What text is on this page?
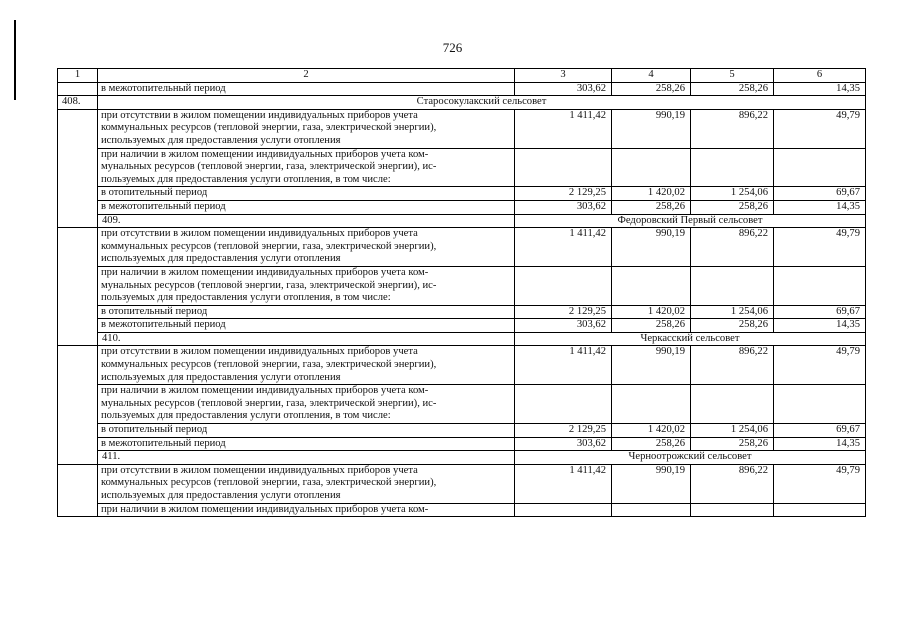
726
1	2	3	4	5	6
	в межотопительный период	303,62	258,26	258,26	14,35
408.	Старосокулакский сельсовет				

	при отсутствии в жилом помещении индивидуальных приборов учета
коммунальных ресурсов (тепловой энергии, газа, электрической энергии),
используемых для предоставления услуги отопления	1 411,42	990,19	896,22	49,79

	при наличии в жилом помещении индивидуальных приборов учета ком-
мунальных ресурсов (тепловой энергии, газа, электрической энергии), ис-
пользуемых для предоставления услуги отопления, в том числе:				

	в отопительный период	2 129,25	1 420,02	1 254,06	69,67
	в межотопительный период	303,62	258,26	258,26	14,35
	409.	Федоровский Первый сельсовет			

	при отсутствии в жилом помещении индивидуальных приборов учета
коммунальных ресурсов (тепловой энергии, газа, электрической энергии),
используемых для предоставления услуги отопления	1 411,42	990,19	896,22	49,79

	при наличии в жилом помещении индивидуальных приборов учета ком-
мунальных ресурсов (тепловой энергии, газа, электрической энергии), ис-
пользуемых для предоставления услуги отопления, в том числе:				

	в отопительный период	2 129,25	1 420,02	1 254,06	69,67
	в межотопительный период	303,62	258,26	258,26	14,35
	410.	Черкасский сельсовет			

	при отсутствии в жилом помещении индивидуальных приборов учета
коммунальных ресурсов (тепловой энергии, газа, электрической энергии),
используемых для предоставления услуги отопления	1 411,42	990,19	896,22	49,79

	при наличии в жилом помещении индивидуальных приборов учета ком-
мунальных ресурсов (тепловой энергии, газа, электрической энергии), ис-
пользуемых для предоставления услуги отопления, в том числе:				

	в отопительный период	2 129,25	1 420,02	1 254,06	69,67
	в межотопительный период	303,62	258,26	258,26	14,35
	411.	Черноотрожский сельсовет			

	при отсутствии в жилом помещении индивидуальных приборов учета
коммунальных ресурсов (тепловой энергии, газа, электрической энергии),
используемых для предоставления услуги отопления	1 411,42	990,19	896,22	49,79

	при наличии в жилом помещении индивидуальных приборов учета ком-				
